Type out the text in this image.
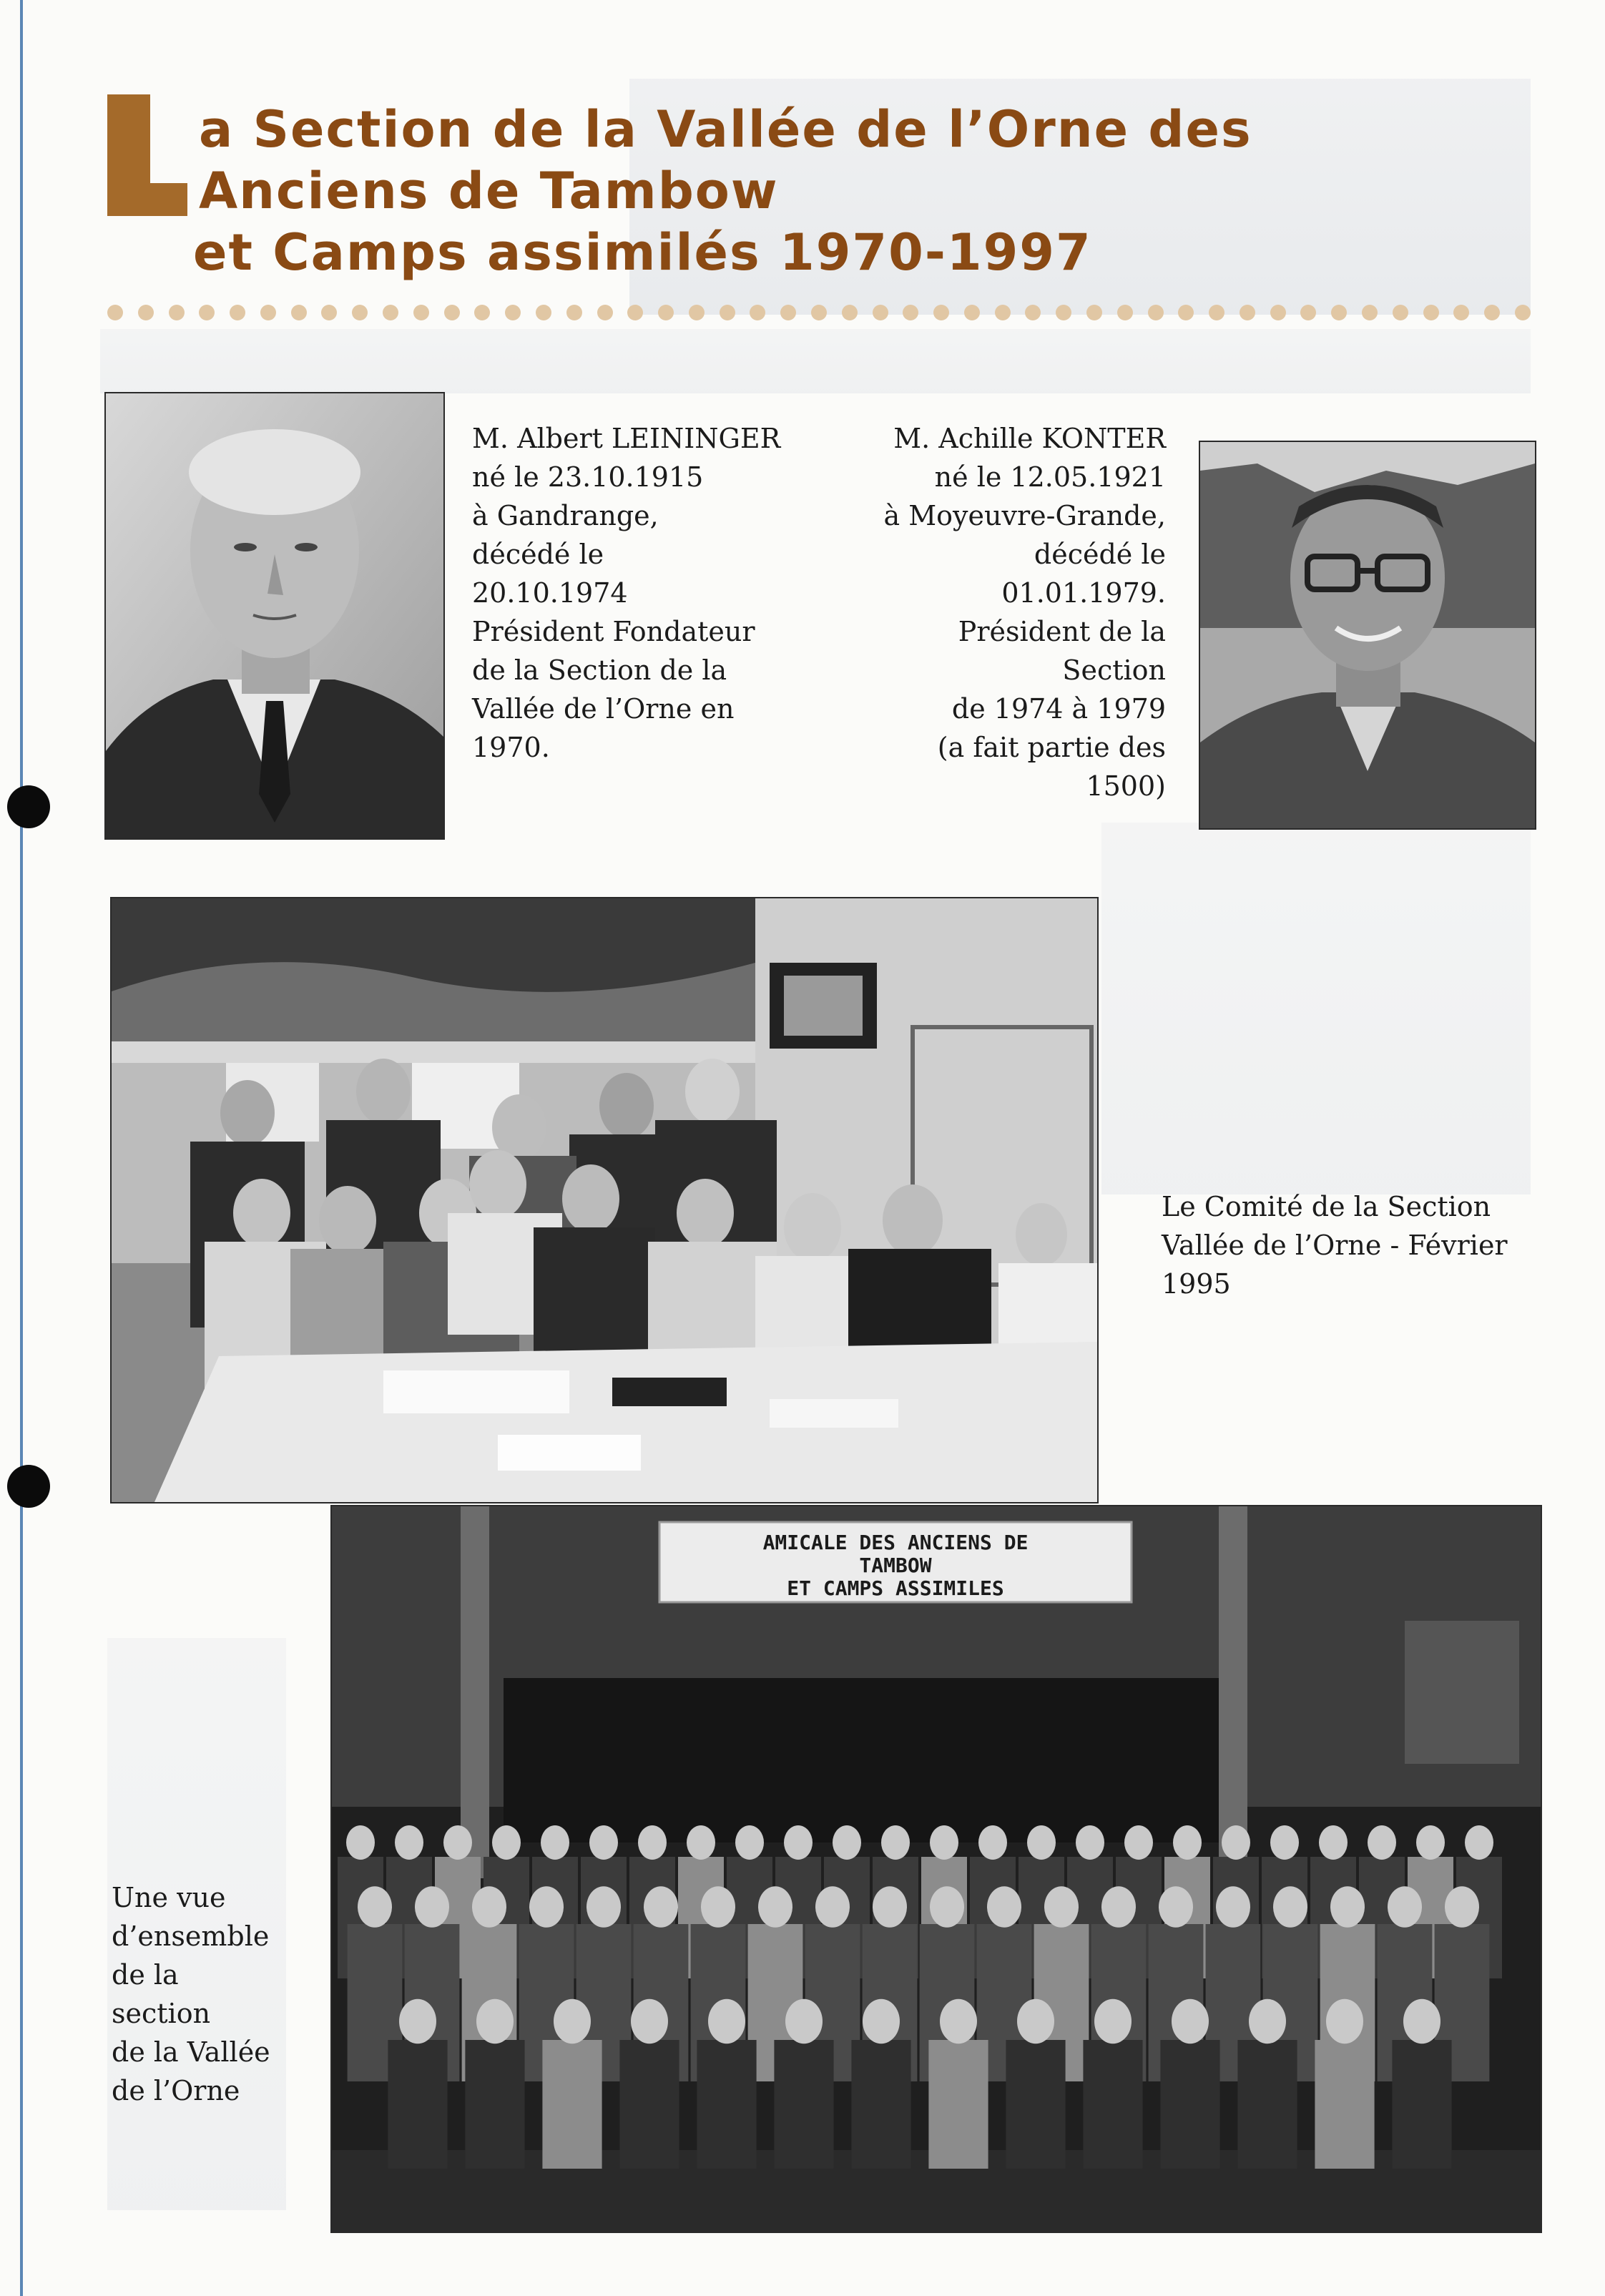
a Section de la Vallée de l’Orne des
Anciens de Tambow
et Camps assimilés 1970-1997
M. Albert LEININGER
né le 23.10.1915
à Gandrange,
décédé le
20.10.1974
Président Fondateur
de la Section de la
Vallée de l’Orne en
1970.
M. Achille KONTER
né le 12.05.1921
à Moyeuvre-Grande,
décédé le
01.01.1979.
Président de la
Section
de 1974 à 1979
(a fait partie des
1500)
Le Comité de la Section
Vallée de l’Orne - Février
1995
AMICALE DES ANCIENS DE
TAMBOW
ET CAMPS ASSIMILES
Une vue
d’ensemble
de la
section
de la Vallée
de l’Orne
